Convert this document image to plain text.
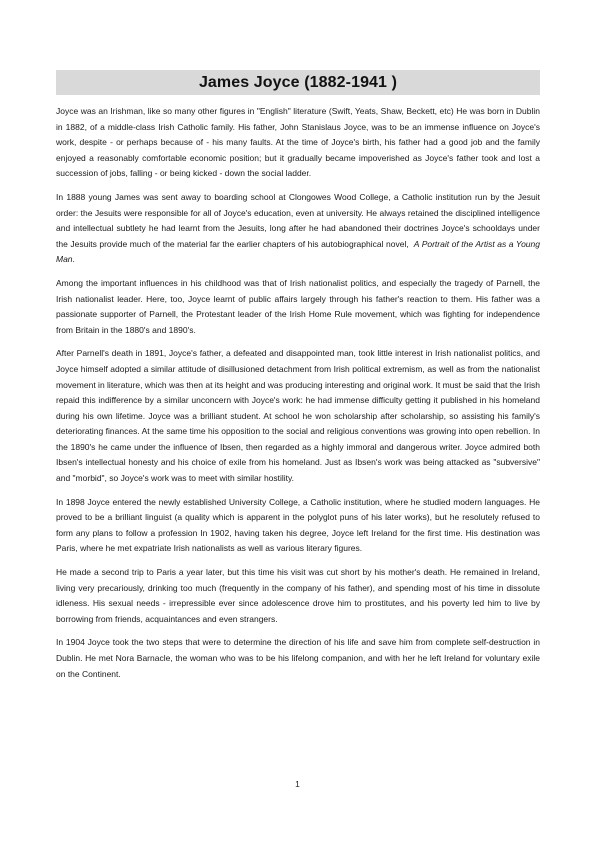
James Joyce (1882-1941 )

Joyce was an Irishman, like so many other figures in "English" literature (Swift, Yeats, Shaw, Beckett, etc) He was born in Dublin in 1882, of a middle-class Irish Catholic family. His father, John Stanislaus Joyce, was to be an immense influence on Joyce's work, despite - or perhaps because of - his many faults. At the time of Joyce's birth, his father had a good job and the family enjoyed a reasonably comfortable economic position; but it gradually became impoverished as Joyce's father took and lost a succession of jobs, falling - or being kicked - down the social ladder.

In 1888 young James was sent away to boarding school at Clongowes Wood College, a Catholic institution run by the Jesuit order: the Jesuits were responsible for all of Joyce's education, even at university. He always retained the disciplined intelligence and intellectual subtlety he had learnt from the Jesuits, long after he had abandoned their doctrines Joyce's schooldays under the Jesuits provide much of the material far the earlier chapters of his autobiographical novel, A Portrait of the Artist as a Young Man.

Among the important influences in his childhood was that of Irish nationalist politics, and especially the tragedy of Parnell, the Irish nationalist leader. Here, too, Joyce learnt of public affairs largely through his father's reaction to them. His father was a passionate supporter of Parnell, the Protestant leader of the Irish Home Rule movement, which was fighting for independence from Britain in the 1880's and 1890's.

After Parnell's death in 1891, Joyce's father, a defeated and disappointed man, took little interest in Irish nationalist politics, and Joyce himself adopted a similar attitude of disillusioned detachment from Irish political extremism, as well as from the nationalist movement in literature, which was then at its height and was producing interesting and original work. It must be said that the Irish repaid this indifference by a similar unconcern with Joyce's work: he had immense difficulty getting it published in his homeland during his own lifetime. Joyce was a brilliant student. At school he won scholarship after scholarship, so assisting his family's deteriorating finances. At the same time his opposition to the social and religious conventions was growing into open rebellion. In the 1890's he came under the influence of Ibsen, then regarded as a highly immoral and dangerous writer. Joyce admired both Ibsen's intellectual honesty and his choice of exile from his homeland. Just as Ibsen's work was being attacked as "subversive" and "morbid", so Joyce's work was to meet with similar hostility.

In 1898 Joyce entered the newly established University College, a Catholic institution, where he studied modern languages. He proved to be a brilliant linguist (a quality which is apparent in the polyglot puns of his later works), but he resolutely refused to form any plans to follow a profession In 1902, having taken his degree, Joyce left Ireland for the first time. His destination was Paris, where he met expatriate Irish nationalists as well as various literary figures.

He made a second trip to Paris a year later, but this time his visit was cut short by his mother's death. He remained in Ireland, living very precariously, drinking too much (frequently in the company of his father), and spending most of his time in dissolute idleness. His sexual needs - irrepressible ever since adolescence drove him to prostitutes, and his poverty led him to live by borrowing from friends, acquaintances and even strangers.

In 1904 Joyce took the two steps that were to determine the direction of his life and save him from complete self-destruction in Dublin. He met Nora Barnacle, the woman who was to be his lifelong companion, and with her he left Ireland for voluntary exile on the Continent.

1
